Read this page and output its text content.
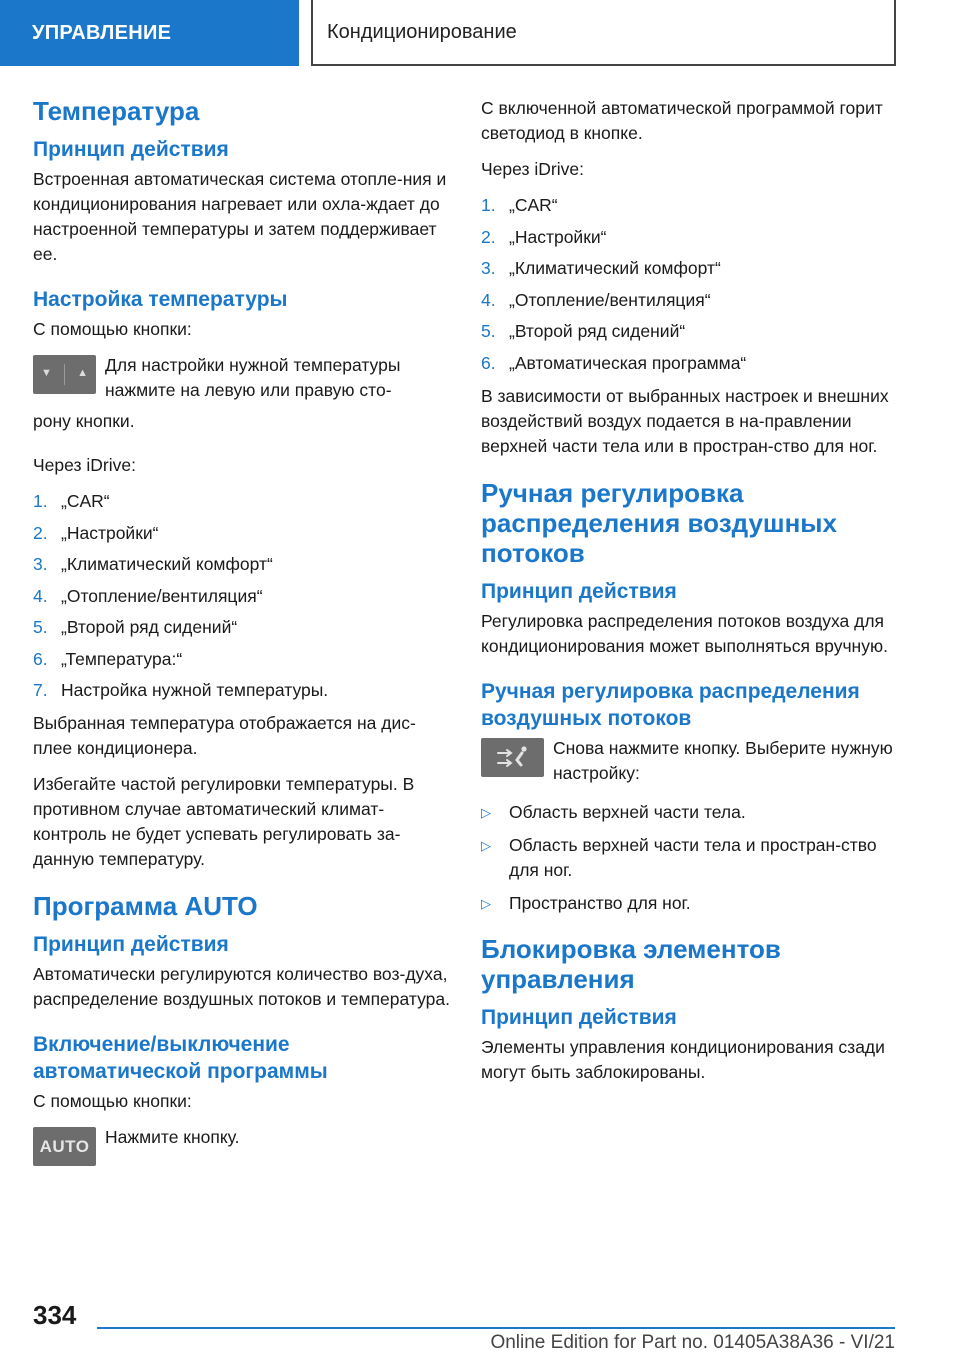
УПРАВЛЕНИЕ	Кондиционирование
Температура
Принцип действия

Встроенная автоматическая система отопле-ния и кондиционирования нагревает или охла-ждает до настроенной температуры и затем поддерживает ее.

Настройка температуры

С помощью кнопки:

▼ ▲ Для настройки нужной температуры нажмите на левую или правую сто-

рону кнопки.

Через iDrive:

1. „CAR“
2. „Настройки“
3. „Климатический комфорт“
4. „Отопление/вентиляция“
5. „Второй ряд сидений“
6. „Температура:“
7. Настройка нужной температуры.

Выбранная температура отображается на дис-плее кондиционера.

Избегайте частой регулировки температуры. В противном случае автоматический климат-контроль не будет успевать регулировать за-данную температуру.

Программа AUTO
Принцип действия

Автоматически регулируются количество воз-духа, распределение воздушных потоков и температура.

Включение/выключение автоматической программы

С помощью кнопки:

AUTO Нажмите кнопку.

С включенной автоматической программой горит светодиод в кнопке.

Через iDrive:

1. „CAR“
2. „Настройки“
3. „Климатический комфорт“
4. „Отопление/вентиляция“
5. „Второй ряд сидений“
6. „Автоматическая программа“

В зависимости от выбранных настроек и внешних воздействий воздух подается в на-правлении верхней части тела или в простран-ство для ног.

Ручная регулировка распределения воздушных потоков
Принцип действия

Регулировка распределения потоков воздуха для кондиционирования может выполняться вручную.

Ручная регулировка распределения воздушных потоков

Снова нажмите кнопку. Выберите нужную настройку:

▷	Область верхней части тела.
▷	Область верхней части тела и простран-ство для ног.
▷	Пространство для ног.
Блокировка элементов управления
Принцип действия

Элементы управления кондиционирования сзади могут быть заблокированы.

334
Online Edition for Part no. 01405A38A36 - VI/21
